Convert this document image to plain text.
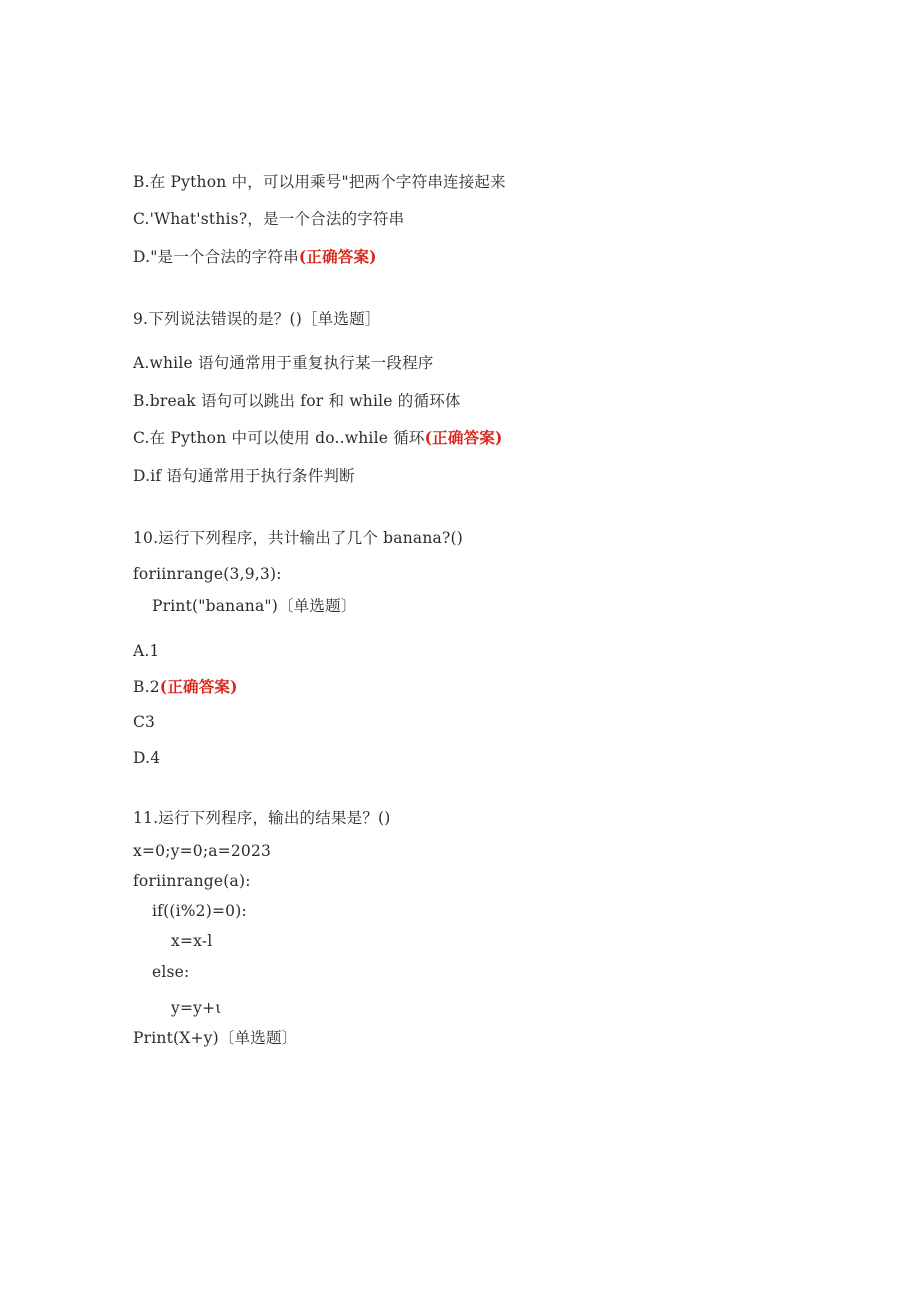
B.在 Python 中，可以用乘号"把两个字符串连接起来
C.'What'sthis?，是一个合法的字符串
D."是一个合法的字符串(正确答案)
9.下列说法错误的是？()［单选题］
A.while 语句通常用于重复执行某一段程序
B.break 语句可以跳出 for 和 while 的循环体
C.在 Python 中可以使用 do..while 循环(正确答案)
D.if 语句通常用于执行条件判断
10.运行下列程序，共计输出了几个 banana?()
foriinrange(3,9,3):
Print("banana")〔单选题〕
A.1
B.2(正确答案)
C3
D.4
11.运行下列程序，输出的结果是？()
x=0;y=0;a=2023
foriinrange(a):
if((i%2)=0):
x=x-l
else:
y=y+ι
Print(X+y)〔单选题〕
